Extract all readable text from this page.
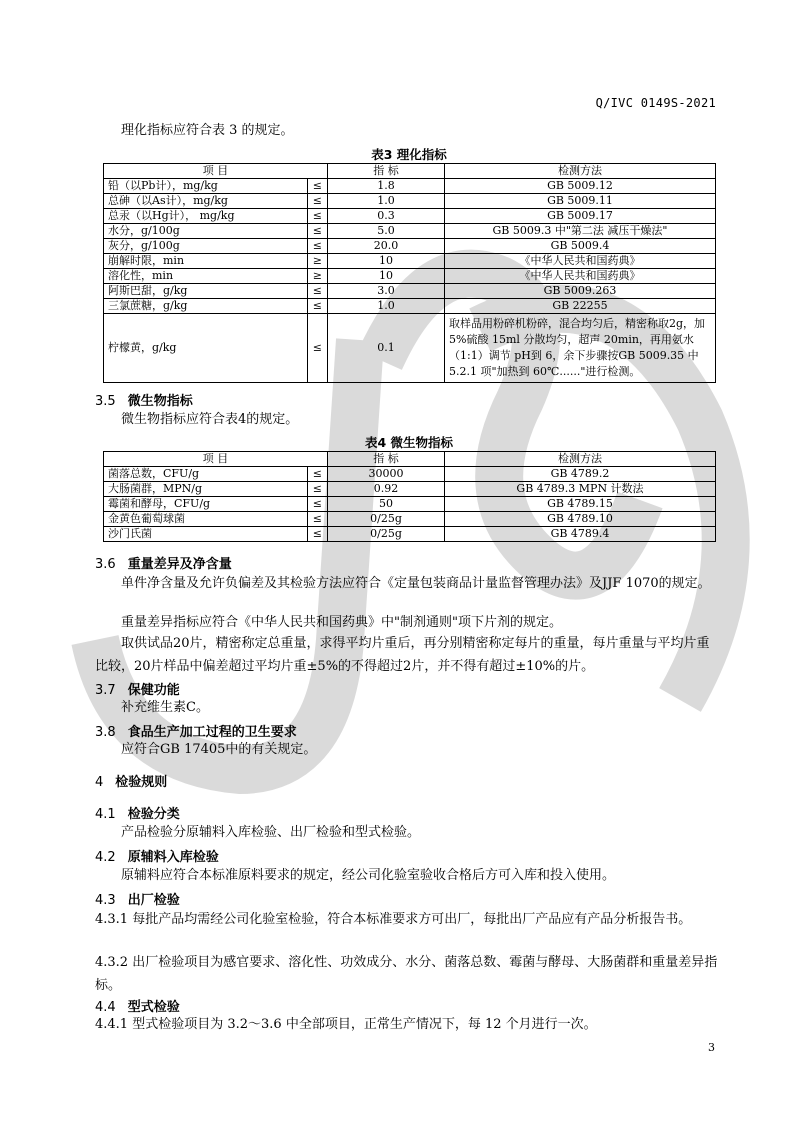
Q/IVC 0149S-2021
理化指标应符合表 3 的规定。
表3 理化指标
项 目		指 标	检测方法
铅（以Pb计），mg/kg	≤	1.8	GB 5009.12
总砷（以As计），mg/kg	≤	1.0	GB 5009.11
总汞（以Hg计）， mg/kg	≤	0.3	GB 5009.17
水分，g/100g	≤	5.0	GB 5009.3 中"第二法 减压干燥法"
灰分，g/100g	≤	20.0	GB 5009.4
崩解时限，min	≥	10	《中华人民共和国药典》
溶化性，min	≥	10	《中华人民共和国药典》
阿斯巴甜，g/kg	≤	3.0	GB 5009.263
三氯蔗糖，g/kg	≤	1.0	GB 22255
柠檬黄，g/kg	≤	0.1	取样品用粉碎机粉碎，混合均匀后，精密称取2g，加 5%硫酸 15ml 分散均匀，超声 20min，再用氨水（1:1）调节 pH到 6，余下步骤按GB 5009.35 中 5.2.1 项"加热到 60℃......"进行检测。
3.5 微生物指标
微生物指标应符合表4的规定。
表4 微生物指标
项 目		指 标	检测方法
菌落总数，CFU/g	≤	30000	GB 4789.2
大肠菌群，MPN/g	≤	0.92	GB 4789.3 MPN 计数法
霉菌和酵母，CFU/g	≤	50	GB 4789.15
金黄色葡萄球菌	≤	0/25g	GB 4789.10
沙门氏菌	≤	0/25g	GB 4789.4
3.6 重量差异及净含量
单件净含量及允许负偏差及其检验方法应符合《定量包装商品计量监督管理办法》及JJF 1070的规定。
重量差异指标应符合《中华人民共和国药典》中"制剂通则"项下片剂的规定。
取供试品20片，精密称定总重量，求得平均片重后，再分别精密称定每片的重量，每片重量与平均片重比较，20片样品中偏差超过平均片重±5%的不得超过2片，并不得有超过±10%的片。
3.7 保健功能
补充维生素C。
3.8 食品生产加工过程的卫生要求
应符合GB 17405中的有关规定。
4 检验规则
4.1 检验分类
产品检验分原辅料入库检验、出厂检验和型式检验。
4.2 原辅料入库检验
原辅料应符合本标准原料要求的规定，经公司化验室验收合格后方可入库和投入使用。
4.3 出厂检验
4.3.1 每批产品均需经公司化验室检验，符合本标准要求方可出厂，每批出厂产品应有产品分析报告书。
4.3.2 出厂检验项目为感官要求、溶化性、功效成分、水分、菌落总数、霉菌与酵母、大肠菌群和重量差异指标。
4.4 型式检验
4.4.1 型式检验项目为 3.2～3.6 中全部项目，正常生产情况下，每 12 个月进行一次。
3
